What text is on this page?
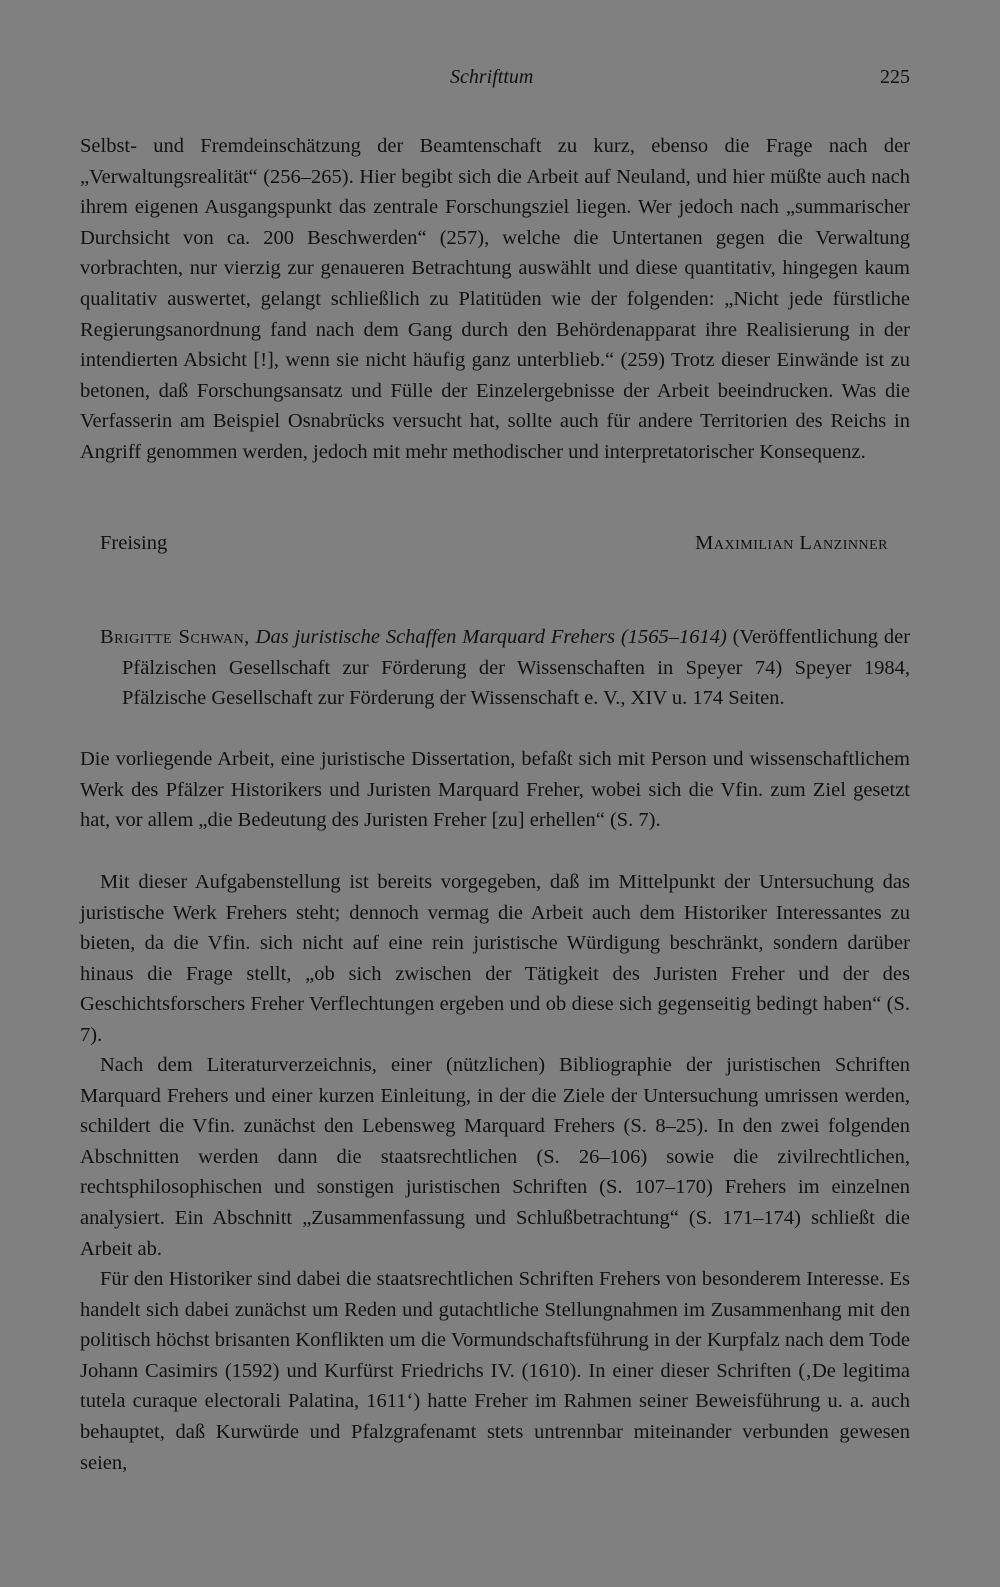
Schrifttum	225

Selbst- und Fremdeinschätzung der Beamtenschaft zu kurz, ebenso die Frage nach der „Verwaltungsrealität“ (256–265). Hier begibt sich die Arbeit auf Neuland, und hier müßte auch nach ihrem eigenen Ausgangspunkt das zentrale Forschungsziel liegen. Wer jedoch nach „summarischer Durchsicht von ca. 200 Beschwerden“ (257), welche die Untertanen gegen die Verwaltung vorbrachten, nur vierzig zur genaueren Betrachtung auswählt und diese quantitativ, hingegen kaum qualitativ auswertet, gelangt schließlich zu Platitüden wie der folgenden: „Nicht jede fürstliche Regierungsanordnung fand nach dem Gang durch den Behördenapparat ihre Realisierung in der intendierten Absicht [!], wenn sie nicht häufig ganz unterblieb.“ (259) Trotz dieser Einwände ist zu betonen, daß Forschungsansatz und Fülle der Einzelergebnisse der Arbeit beeindrucken. Was die Verfasserin am Beispiel Osnabrücks versucht hat, sollte auch für andere Territorien des Reichs in Angriff genommen werden, jedoch mit mehr methodischer und interpretatorischer Konsequenz.

Freising	Maximilian Lanzinner

Brigitte Schwan, Das juristische Schaffen Marquard Frehers (1565–1614) (Veröffentlichung der Pfälzischen Gesellschaft zur Förderung der Wissenschaften in Speyer 74) Speyer 1984, Pfälzische Gesellschaft zur Förderung der Wissenschaft e. V., XIV u. 174 Seiten.

Die vorliegende Arbeit, eine juristische Dissertation, befaßt sich mit Person und wissenschaftlichem Werk des Pfälzer Historikers und Juristen Marquard Freher, wobei sich die Vfin. zum Ziel gesetzt hat, vor allem „die Bedeutung des Juristen Freher [zu] erhellen“ (S. 7).

Mit dieser Aufgabenstellung ist bereits vorgegeben, daß im Mittelpunkt der Untersuchung das juristische Werk Frehers steht; dennoch vermag die Arbeit auch dem Historiker Interessantes zu bieten, da die Vfin. sich nicht auf eine rein juristische Würdigung beschränkt, sondern darüber hinaus die Frage stellt, „ob sich zwischen der Tätigkeit des Juristen Freher und der des Geschichtsforschers Freher Verflechtungen ergeben und ob diese sich gegenseitig bedingt haben“ (S. 7).

Nach dem Literaturverzeichnis, einer (nützlichen) Bibliographie der juristischen Schriften Marquard Frehers und einer kurzen Einleitung, in der die Ziele der Untersuchung umrissen werden, schildert die Vfin. zunächst den Lebensweg Marquard Frehers (S. 8–25). In den zwei folgenden Abschnitten werden dann die staatsrechtlichen (S. 26–106) sowie die zivilrechtlichen, rechtsphilosophischen und sonstigen juristischen Schriften (S. 107–170) Frehers im einzelnen analysiert. Ein Abschnitt „Zusammenfassung und Schlußbetrachtung“ (S. 171–174) schließt die Arbeit ab.

Für den Historiker sind dabei die staatsrechtlichen Schriften Frehers von besonderem Interesse. Es handelt sich dabei zunächst um Reden und gutachtliche Stellungnahmen im Zusammenhang mit den politisch höchst brisanten Konflikten um die Vormundschaftsführung in der Kurpfalz nach dem Tode Johann Casimirs (1592) und Kurfürst Friedrichs IV. (1610). In einer dieser Schriften (‚De legitima tutela curaque electorali Palatina, 1611‘) hatte Freher im Rahmen seiner Beweisführung u. a. auch behauptet, daß Kurwürde und Pfalzgrafenamt stets untrennbar miteinander verbunden gewesen seien,
